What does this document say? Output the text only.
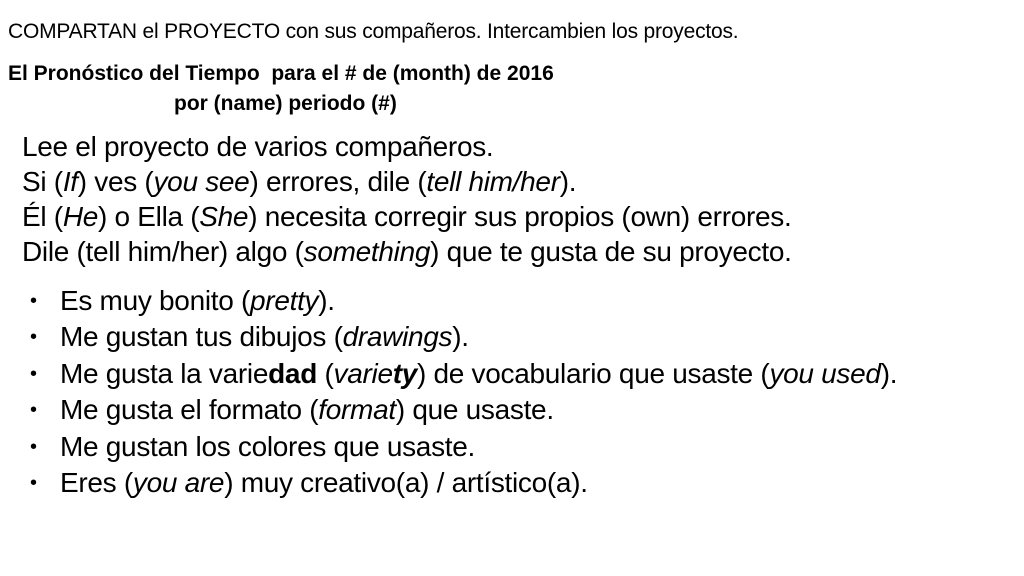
COMPARTAN el PROYECTO con sus compañeros. Intercambien los proyectos.
El Pronóstico del Tiempo  para el # de (month) de 2016
por (name) periodo (#)
Lee el proyecto de varios compañeros.
Si (If) ves (you see) errores, dile (tell him/her).
Él (He) o Ella (She) necesita corregir sus propios (own) errores.
Dile (tell him/her) algo (something) que te gusta de su proyecto.
• Es muy bonito (pretty).
• Me gustan tus dibujos (drawings).
• Me gusta la variedad (variety) de vocabulario que usaste (you used).
• Me gusta el formato (format) que usaste.
• Me gustan los colores que usaste.
• Eres (you are) muy creativo(a) / artístico(a).
